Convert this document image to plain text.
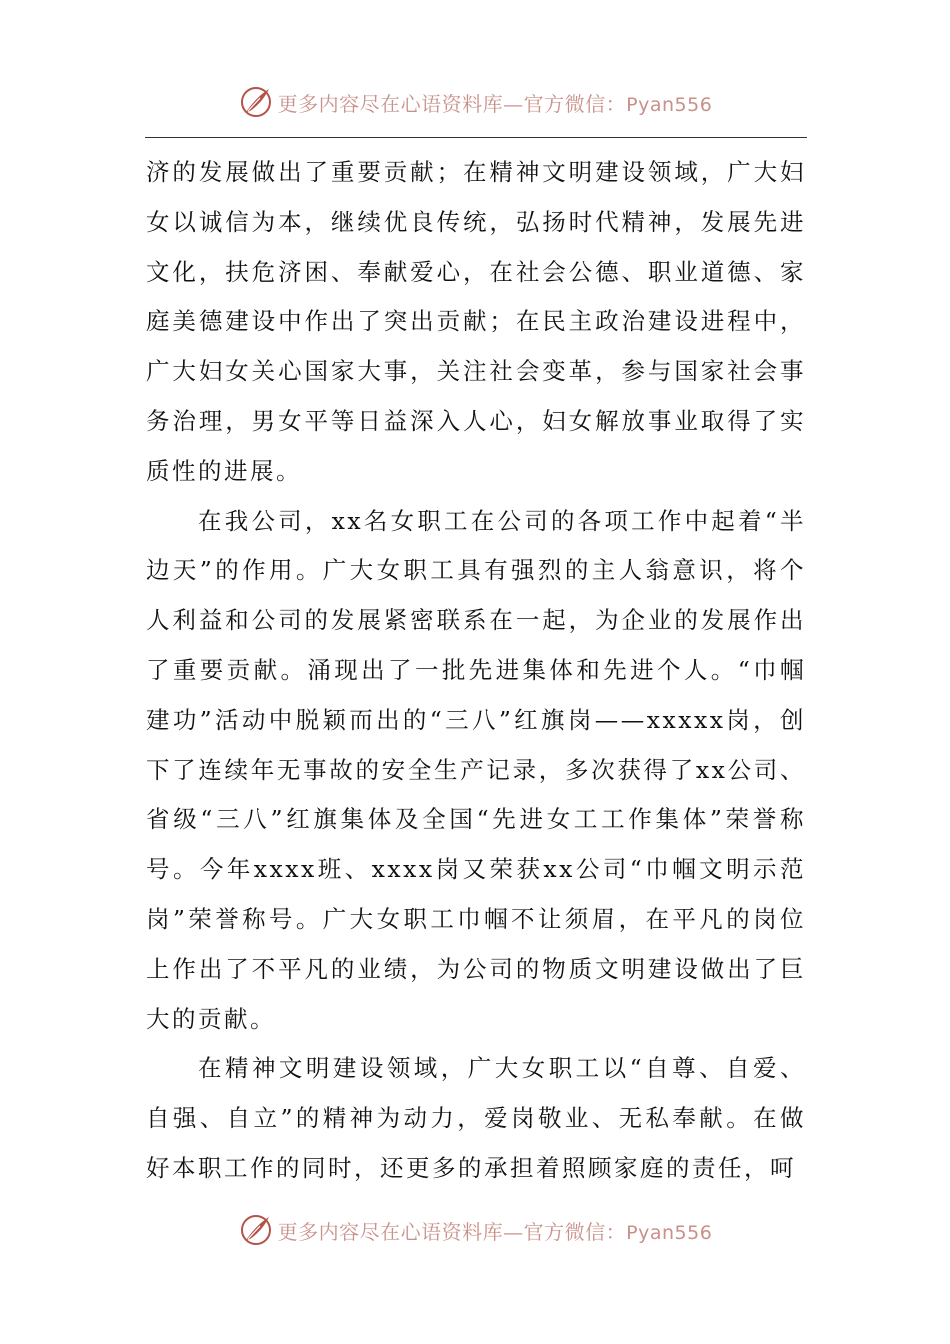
更多内容尽在心语资料库—官方微信：Pyan556

济的发展做出了重要贡献；在精神文明建设领域，广大妇女以诚信为本，继续优良传统，弘扬时代精神，发展先进文化，扶危济困、奉献爱心，在社会公德、职业道德、家庭美德建设中作出了突出贡献；在民主政治建设进程中，广大妇女关心国家大事，关注社会变革，参与国家社会事务治理，男女平等日益深入人心，妇女解放事业取得了实质性的进展。

在我公司，xx名女职工在公司的各项工作中起着“半边天”的作用。广大女职工具有强烈的主人翁意识，将个人利益和公司的发展紧密联系在一起，为企业的发展作出了重要贡献。涌现出了一批先进集体和先进个人。“巾帼建功”活动中脱颖而出的“三八”红旗岗——xxxxx岗，创下了连续年无事故的安全生产记录，多次获得了xx公司、省级“三八”红旗集体及全国“先进女工工作集体”荣誉称号。今年xxxx班、xxxx岗又荣获xx公司“巾帼文明示范岗”荣誉称号。广大女职工巾帼不让须眉，在平凡的岗位上作出了不平凡的业绩，为公司的物质文明建设做出了巨大的贡献。

在精神文明建设领域，广大女职工以“自尊、自爱、自强、自立”的精神为动力，爱岗敬业、无私奉献。在做好本职工作的同时，还更多的承担着照顾家庭的责任，呵

更多内容尽在心语资料库—官方微信：Pyan556
